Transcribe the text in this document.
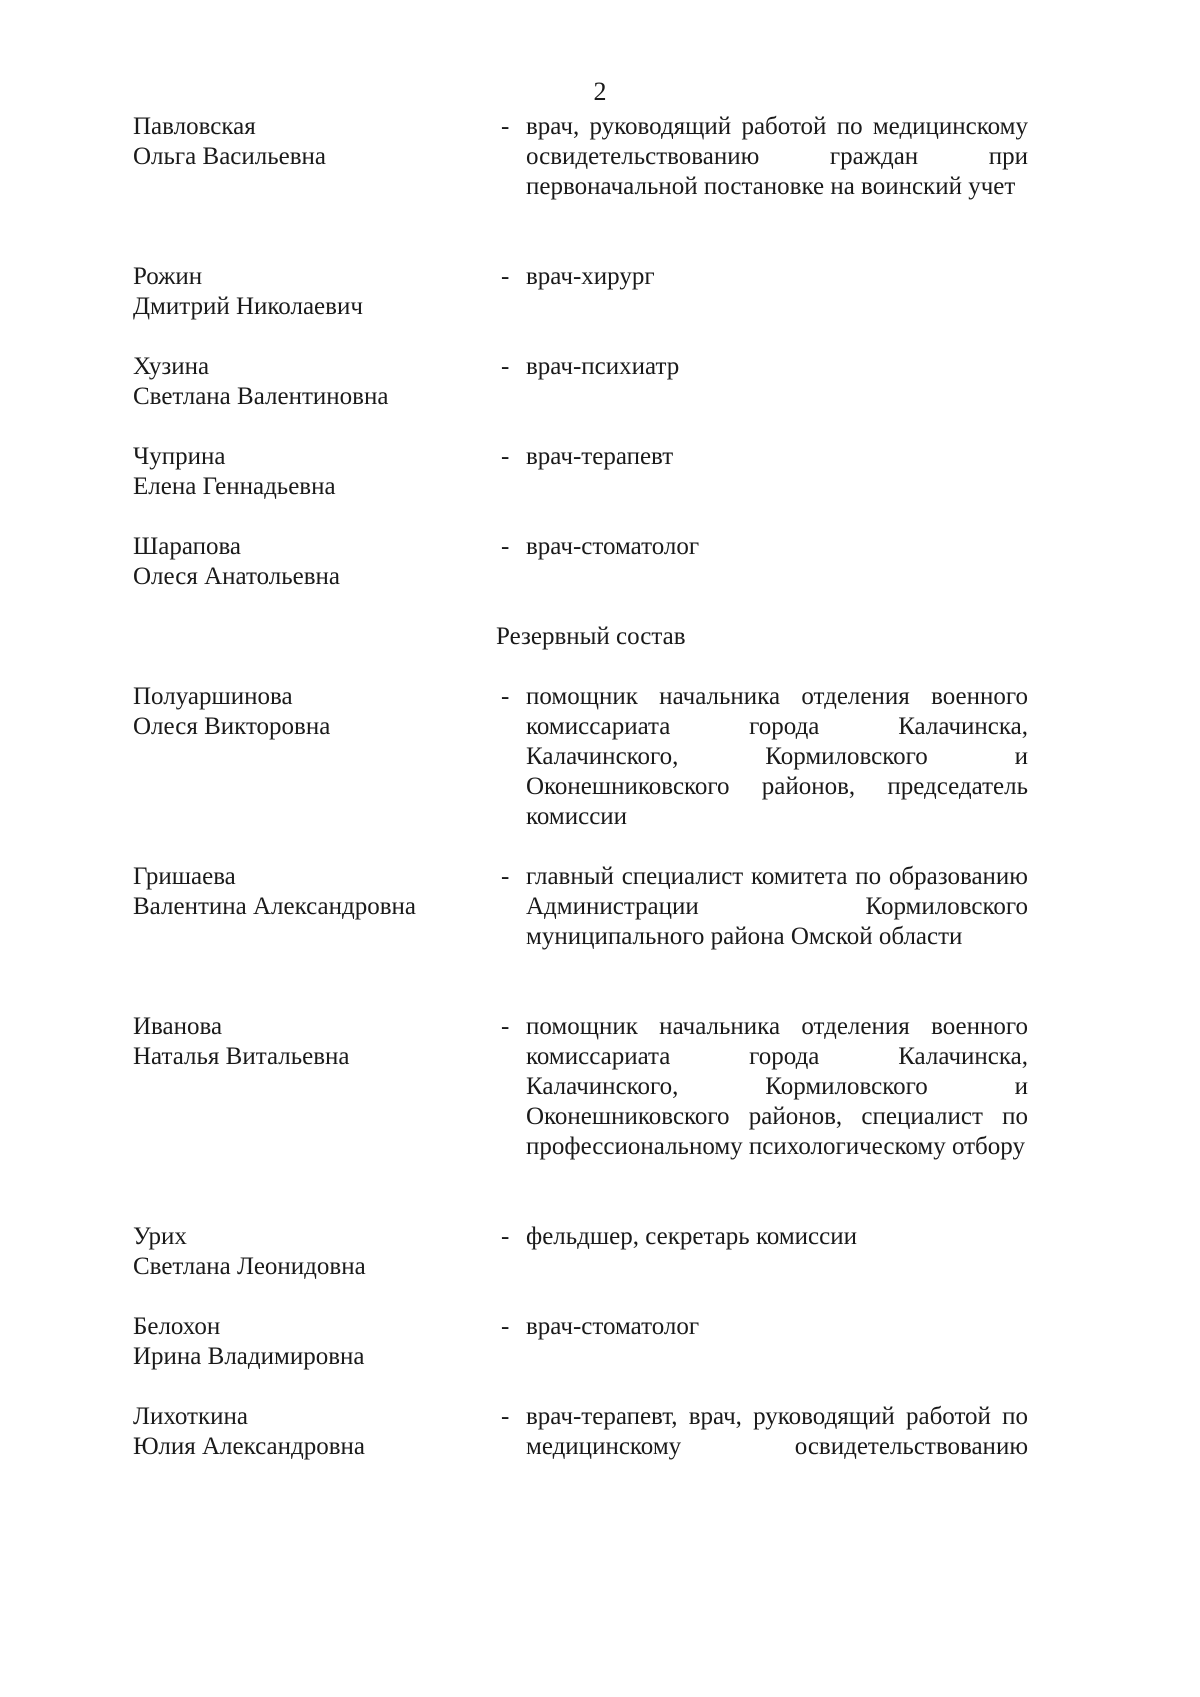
2
Павловская
Ольга Васильевна
- врач, руководящий работой по медицинскому освидетельствованию граждан при первоначальной постановке на воинский учет
Рожин
Дмитрий Николаевич
- врач-хирург
Хузина
Светлана Валентиновна
- врач-психиатр
Чуприна
Елена Геннадьевна
- врач-терапевт
Шарапова
Олеся Анатольевна
- врач-стоматолог
Резервный состав
Полуаршинова
Олеся Викторовна
- помощник начальника отделения военного комиссариата города Калачинска, Калачинского, Кормиловского и Оконешниковского районов, председатель комиссии
Гришаева
Валентина Александровна
- главный специалист комитета по образованию Администрации Кормиловского муниципального района Омской области
Иванова
Наталья Витальевна
- помощник начальника отделения военного комиссариата города Калачинска, Калачинского, Кормиловского и Оконешниковского районов, специалист по профессиональному психологическому отбору
Урих
Светлана Леонидовна
- фельдшер, секретарь комиссии
Белохон
Ирина Владимировна
- врач-стоматолог
Лихоткина
Юлия Александровна
- врач-терапевт, врач, руководящий работой по медицинскому освидетельствованию
